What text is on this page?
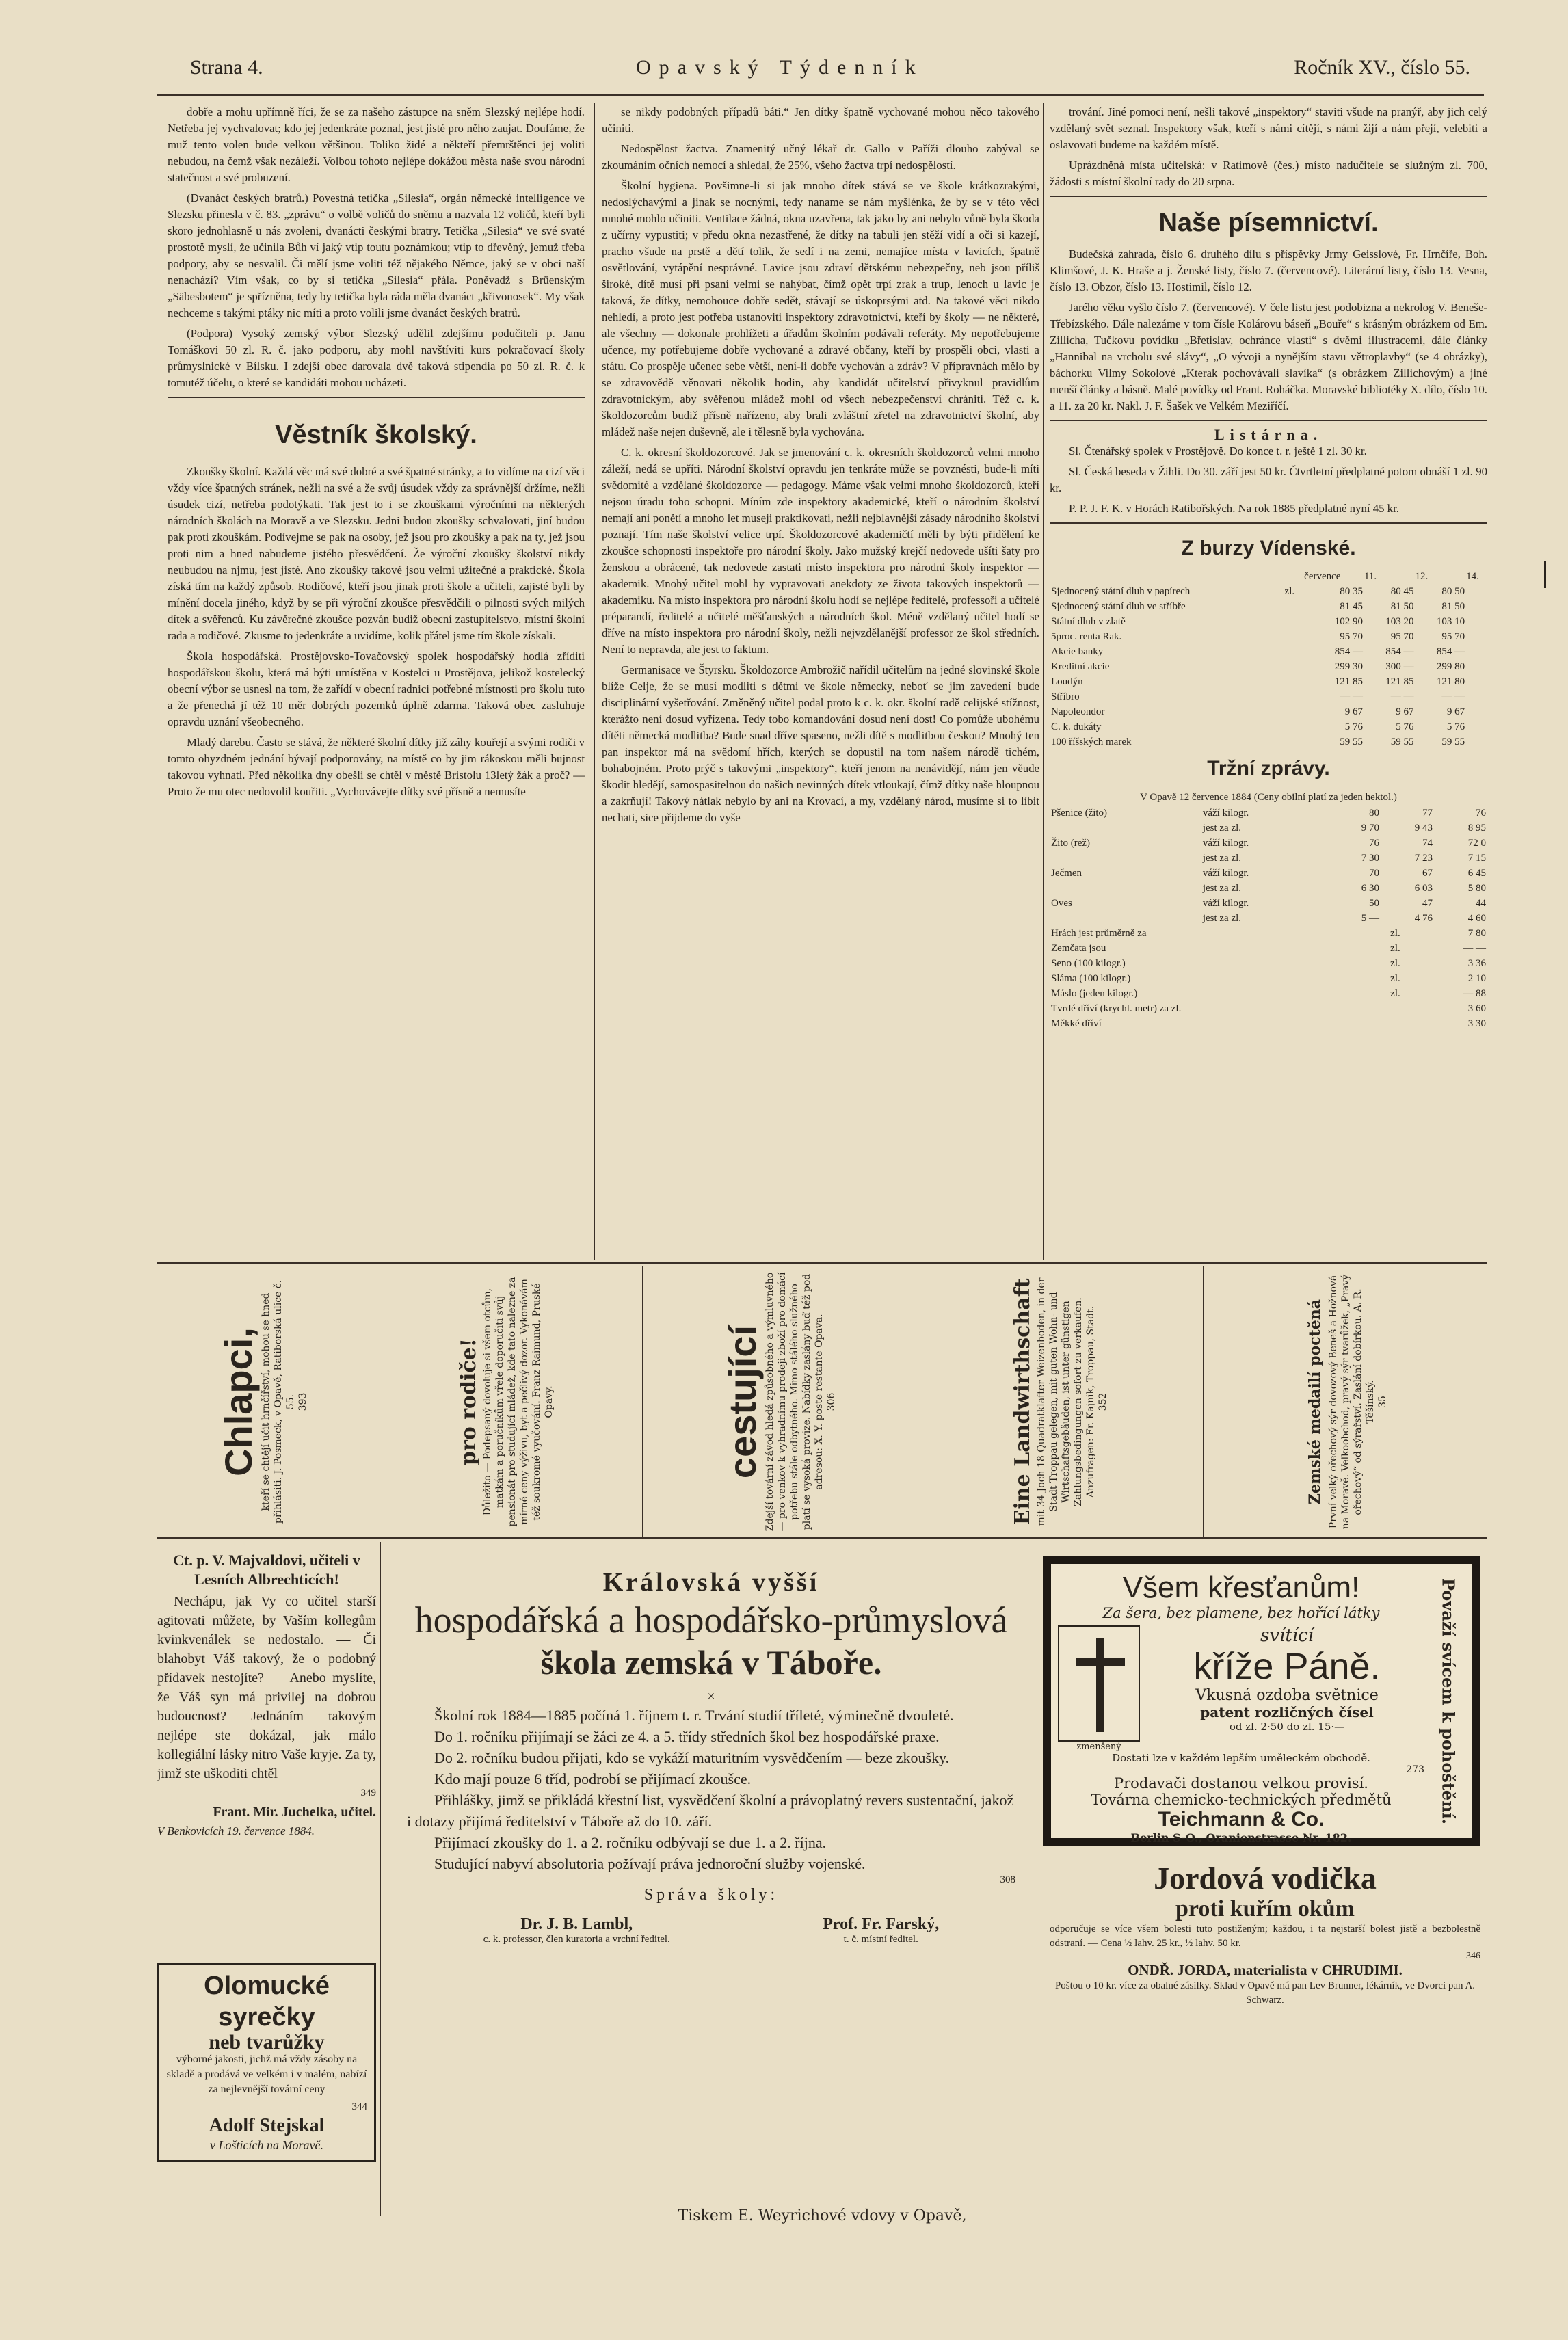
Strana 4.	Opavský Týdenník	Ročník XV., číslo 55.

dobře a mohu upřímně říci, že se za našeho zástupce na sněm Slezský nejlépe hodí. Netřeba jej vychvalovat; kdo jej jedenkráte poznal, jest jisté pro něho zaujat. Doufáme, že muž tento volen bude velkou většinou. Toliko židé a někteří přemrštěnci jej voliti nebudou, na čemž však nezáleží. Volbou tohoto nejlépe dokážou města naše svou národní statečnost a své probuzení.

(Dvanáct českých bratrů.) Povestná tetička „Silesia“, orgán německé intelligence ve Slezsku přinesla v č. 83. „zprávu“ o volbě voličů do sněmu a nazvala 12 voličů, kteří byli skoro jednohlasně u nás zvoleni, dvanácti českými bratry. Tetička „Silesia“ ve své svaté prostotě myslí, že učinila Bůh ví jaký vtip toutu poznámkou; vtip to dřevěný, jemuž třeba podpory, aby se nesvalil. Či mělí jsme voliti též nějakého Němce, jaký se v obci naší nenachází? Vím však, co by si tetička „Silesia“ přála. Poněvadž s Brüenským „Säbesbotem“ je spřízněna, tedy by tetička byla ráda měla dvanáct „křivonosek“. My však nechceme s takými ptáky nic míti a proto volili jsme dvanáct českých bratrů.

(Podpora) Vysoký zemský výbor Slezský udělil zdejšímu podučiteli p. Janu Tomáškovi 50 zl. R. č. jako podporu, aby mohl navštíviti kurs pokračovací školy průmyslnické v Bílsku. I zdejší obec darovala dvě taková stipendia po 50 zl. R. č. k tomutéž účelu, o které se kandidáti mohou ucházeti.

Věstník školský.

Zkoušky školní. Každá věc má své dobré a své špatné stránky, a to vidíme na cizí věci vždy více špatných stránek, nežli na své a že svůj úsudek vždy za správnější držíme, nežli úsudek cizí, netřeba podotýkati. Tak jest to i se zkouškami výročními na některých národních školách na Moravě a ve Slezsku. Jedni budou zkoušky schvalovati, jiní budou pak proti zkouškám. Podívejme se pak na osoby, jež jsou pro zkoušky a pak na ty, jež jsou proti nim a hned nabudeme jistého přesvědčení. Že výroční zkoušky školství nikdy neubudou na njmu, jest jisté. Ano zkoušky takové jsou velmi užitečné a praktické. Škola získá tím na každý způsob. Rodičové, kteří jsou jinak proti škole a učiteli, zajisté byli by mínění docela jiného, když by se při výroční zkoušce přesvědčili o pilnosti svých milých dítek a svěřenců. Ku závěrečné zkoušce pozván budiž obecní zastupitelstvo, místní školní rada a rodičové. Zkusme to jedenkráte a uvidíme, kolik přátel jsme tím škole získali.

Škola hospodářská. Prostějovsko-Tovačovský spolek hospodářský hodlá zříditi hospodářskou školu, která má býti umístěna v Kostelci u Prostějova, jelikož kostelecký obecní výbor se usnesl na tom, že zařídí v obecní radnici potřebné místnosti pro školu tuto a že přenechá jí též 10 měr dobrých pozemků úplně zdarma. Taková obec zasluhuje opravdu uznání všeobecného.

Mladý darebu. Často se stává, že některé školní dítky již záhy kouřejí a svými rodiči v tomto ohyzdném jednání bývají podporovány, na místě co by jim rákoskou měli bujnost takovou vyhnati. Před několika dny obešli se chtěl v městě Bristolu 13letý žák a proč? — Proto že mu otec nedovolil kouřiti. „Vychovávejte dítky své přísně a nemusíte

se nikdy podobných případů báti.“ Jen dítky špatně vychované mohou něco takového učiniti.

Nedospělost žactva. Znamenitý učný lékař dr. Gallo v Paříži dlouho zabýval se zkoumáním očních nemocí a shledal, že 25%, všeho žactva trpí nedospělostí.

Školní hygiena. Povšimne-li si jak mnoho dítek stává se ve škole krátkozrakými, nedoslýchavými a jinak se nocnými, tedy naname se nám myšlénka, že by se v této věci mnohé mohlo učiniti. Ventilace žádná, okna uzavřena, tak jako by ani nebylo vůně byla škoda z učírny vypustiti; v předu okna nezastřené, že dítky na tabuli jen stěží vidí a oči si kazejí, pracho všude na prstě a dětí tolik, že sedí i na zemi, nemajíce místa v lavicích, špatně osvětlování, vytápění nesprávné. Lavice jsou zdraví dětskému nebezpečny, neb jsou příliš široké, dítě musí při psaní velmi se nahýbat, čímž opět trpí zrak a trup, lenoch u lavic je taková, že dítky, nemohouce dobře sedět, stávají se úskoprsými atd. Na takové věci nikdo nehledí, a proto jest potřeba ustanoviti inspektory zdravotnictví, kteří by školy — ne některé, ale všechny — dokonale prohlížeti a úřadům školním podávali referáty. My nepotřebujeme učence, my potřebujeme dobře vychované a zdravé občany, kteří by prospěli obci, vlasti a státu. Co prospěje učenec sebe větší, není-li dobře vychován a zdráv? V přípravnách mělo by se zdravovědě věnovati několik hodin, aby kandidát učitelství přivyknul pravidlům zdravotnickým, aby svěřenou mládež mohl od všech nebezpečenství chrániti. Též c. k. školdozorcům budiž přísně nařízeno, aby brali zvláštní zřetel na zdravotnictví školní, aby mládež naše nejen duševně, ale i tělesně byla vychována.

C. k. okresní školdozorcové. Jak se jmenování c. k. okresních školdozorců velmi mnoho záleží, nedá se upříti. Národní školství opravdu jen tenkráte může se povznésti, bude-li míti svědomité a vzdělané školdozorce — pedagogy. Máme však velmi mnoho školdozorců, kteří nejsou úradu toho schopni. Míním zde inspektory akademické, kteří o národním školství nemají ani ponětí a mnoho let museji praktikovati, nežli nejblavnější zásady národního školství poznají. Tím naše školství velice trpí. Školdozorcové akademičtí měli by býti přidělení ke zkoušce schopnosti inspektoře pro národní školy. Jako mužský krejčí nedovede ušíti šaty pro ženskou a obrácené, tak nedovede zastati místo inspektora pro národní školy inspektor — akademik. Mnohý učitel mohl by vypravovati anekdoty ze života takových inspektorů — akademiku. Na místo inspektora pro národní školu hodí se nejlépe ředitelé, professoři a učitelé préparandí, ředitelé a učitelé měšťanských a národních škol. Méně vzdělaný učitel hodí se dříve na místo inspektora pro národní školy, nežli nejvzdělanější professor ze škol středních. Není to nepravda, ale jest to faktum.

Germanisace ve Štyrsku. Školdozorce Ambrožič nařídil učitelům na jedné slovinské škole blíže Celje, že se musí modliti s dětmi ve škole německy, neboť se jim zavedení bude disciplinární vyšetřování. Změněný učitel podal proto k c. k. okr. školní radě celijské stížnost, kterážto není dosud vyřízena. Tedy tobo komandování dosud není dost! Co pomůže ubohému dítěti německá modlitba? Bude snad dříve spaseno, nežli dítě s modlitbou českou? Mnohý ten pan inspektor má na svědomí hřích, kterých se dopustil na tom našem národě tichém, bohabojném. Proto prýč s takovými „inspektory“, kteří jenom na nenávidějí, nám jen věude škodit hledějí, samospasitelnou do našich nevinných dítek vtloukají, čímž dítky naše hloupnou a zakrňují! Takový nátlak nebylo by ani na Krovací, a my, vzdělaný národ, musíme si to líbit nechati, sice přijdeme do vyše

trování. Jiné pomoci není, nešli takové „inspektory“ staviti všude na pranýř, aby jich celý vzdělaný svět seznal. Inspektory však, kteří s námi cítějí, s námi žijí a nám přejí, velebiti a oslavovati budeme na každém místě.

Uprázdněná místa učitelská: v Ratimově (čes.) místo nadučitele se služným zl. 700, žádosti s místní školní rady do 20 srpna.

Naše písemnictví.

Budečská zahrada, číslo 6. druhého dílu s příspěvky Jrmy Geisslové, Fr. Hrnčíře, Boh. Klimšové, J. K. Hraše a j. Ženské listy, číslo 7. (červencové). Literární listy, číslo 13. Vesna, číslo 13. Obzor, číslo 13. Hostimil, číslo 12.

Jarého věku vyšlo číslo 7. (červencové). V čele listu jest podobizna a nekrolog V. Beneše-Třebízského. Dále nalezáme v tom čísle Kolárovu báseň „Bouře“ s krásným obrázkem od Em. Zillicha, Tučkovu povídku „Břetislav, ochránce vlasti“ s dvěmi illustracemi, dále články „Hannibal na vrcholu své slávy“, „O vývoji a nynějším stavu větroplavby“ (se 4 obrázky), báchorku Vilmy Sokolové „Kterak pochovávali slavíka“ (s obrázkem Zillichovým) a jiné menší články a básně. Malé povídky od Frant. Roháčka. Moravské bibliotéky X. dílo, číslo 10. a 11. za 20 kr. Nakl. J. F. Šašek ve Velkém Meziříčí.

Listárna.

Sl. Čtenářský spolek v Prostějově. Do konce t. r. ještě 1 zl. 30 kr.

Sl. Česká beseda v Žihli. Do 30. září jest 50 kr. Čtvrtletní předplatné potom obnáší 1 zl. 90 kr.

P. P. J. F. K. v Horách Ratibořských. Na rok 1885 předplatné nyní 45 kr.

Z burzy Vídenské.
		července	11.	12.	14.
Sjednocený státní dluh v papírech	zl.	80 35	80 45	80 50	
Sjednocený státní dluh ve stříbře		81 45	81 50	81 50	
Státní dluh v zlatě		102 90	103 20	103 10	
5proc. renta Rak.		95 70	95 70	95 70	
Akcie banky		854 —	854 —	854 —	
Kreditní akcie		299 30	300 —	299 80	
Loudýn		121 85	121 85	121 80	
Stříbro		— —	— —	— —	
Napoleondor		9 67	9 67	9 67	
C. k. dukáty		5 76	5 76	5 76	
100 říšských marek		59 55	59 55	59 55	
Tržní zprávy.
V Opavě 12 července 1884 (Ceny obilní platí za jeden hektol.)
Pšenice (žito)	váží kilogr.	80	77	76
	jest za zl.	9 70	9 43	8 95
Žito (rež)	váží kilogr.	76	74	72 0
	jest za zl.	7 30	7 23	7 15
Ječmen	váží kilogr.	70	67	6 45
	jest za zl.	6 30	6 03	5 80
Oves	váží kilogr.	50	47	44
	jest za zl.	5 —	4 76	4 60
Hrách jest průměrně za	zl.	7 80
Zemčata jsou	zl.	— —
Seno (100 kilogr.)	zl.	3 36
Sláma (100 kilogr.)	zl.	2 10
Máslo (jeden kilogr.)	zl.	— 88
Tvrdé dříví (krychl. metr) za zl.		3 60
Měkké dříví		3 30
Chlapci, kteří se chtějí učit hrnčířství, mohou se hned přihlásiti. J. Posmeck, v Opavě, Ratiborská ulice č. 55. 393	pro rodiče! Důležito — Podepsaný dovoluje si všem otcům, matkám a poručníkům vřele doporučiti svůj pensionát pro studující mládež, kde tato nalezne za mírné ceny výživu, byt a pečlivý dozor. Vykonávám též soukromé vyučování. Franz Raimund, Pruské Opavy.	cestující Zdejší tovární závod hledá způsobného a výmluvného — pro venkov k vyhradnímu prodeji zboží pro domácí potřebu stále odbytného. Mimo stálého služného platí se vysoká provize. Nabídky zaslány buď též pod adresou: X. Y. poste restante Opava. 306	Eine Landwirthschaft mit 34 Joch 18 Quadratklafter Weizenboden, in der Stadt Troppau gelegen, mit guten Wohn- und Wirtschaftsgebäuden, ist unter günstigen Zahlungsbedingungen sofort zu verkaufen. Anzufragen: Fr. Kajnik, Troppau, Stadt. 352	Zemské medailí poctěná První velký ořechový sýr dovozový Beneš a Hožnová na Moravě. Velkoobchod, pravý sýr tvarůžek, „Pravý ořechový“ od sýrařství. Zaslání dobírkou. A. R. Těšínský. 35
Ct. p. V. Majvaldovi, učiteli v Lesních Albrechticích!

Nechápu, jak Vy co učitel starší agitovati můžete, by Vaším kollegům kvinkvenálek se nedostalo. — Či blahobyt Váš takový, že o podobný přídavek nestojíte? — Anebo myslíte, že Váš syn má privilej na dobrou budoucnost? Jednáním takovým nejlépe ste dokázal, jak málo kollegiální lásky nitro Vaše kryje. Za ty, jimž ste uškoditi chtěl

349
Frant. Mir. Juchelka, učitel.
V Benkovicích 19. července 1884.
Olomucké syrečky
neb tvarůžky
výborné jakosti, jichž má vždy zásoby na skladě a prodává ve velkém i v malém, nabízí za nejlevnější tovární ceny
344
Adolf Stejskal
v Lošticích na Moravě.
Královská vyšší
hospodářská a hospodářsko-průmyslová
škola zemská v Táboře.
×

Školní rok 1884—1885 počíná 1. říjnem t. r. Trvání studií tříleté, výminečně dvouleté.

Do 1. ročníku přijímají se žáci ze 4. a 5. třídy středních škol bez hospodářské praxe.

Do 2. ročníku budou přijati, kdo se vykáží maturitním vysvědčením — beze zkoušky.

Kdo mají pouze 6 tříd, podrobí se přijímací zkoušce.

Přihlášky, jimž se přikládá křestní list, vysvědčení školní a právoplatný revers sustentační, jakož i dotazy přijímá ředitelství v Táboře až do 10. září.

Přijímací zkoušky do 1. a 2. ročníku odbývají se due 1. a 2. října.

Studující nabyví absolutoria požívají práva jednoroční služby vojenské.

308
Správa školy:
Dr. J. B. Lambl,
c. k. professor, člen kuratoria a vrchní ředitel.
Prof. Fr. Farský,
t. č. místní ředitel.
Všem křesťanům!
Za šera, bez plamene, bez hořící látky
zmenšený
svítící
kříže Páně.
Vkusná ozdoba světnice
patent rozličných čísel
od zl. 2·50 do zl. 15·—
Dostati lze v každém lepším uměleckém obchodě.
273
Prodavači dostanou velkou provisí.
Továrna chemicko-technických předmětů
Teichmann & Co.
Berlin S-O., Oranienstrasse Nr. 182.
Považí svícem k pohoštění.
Jordová vodička
proti kuřím okům
odporučuje se více všem bolesti tuto postiženým; každou, i ta nejstarší bolest jistě a bezbolestně odstraní. — Cena ½ lahv. 25 kr., ½ lahv. 50 kr.
346
ONDŘ. JORDA, materialista v CHRUDIMI.
Poštou o 10 kr. více za obalné zásilky. Sklad v Opavě má pan Lev Brunner, lékárník, ve Dvorci pan A. Schwarz.
Tiskem E. Weyrichové vdovy v Opavě,
